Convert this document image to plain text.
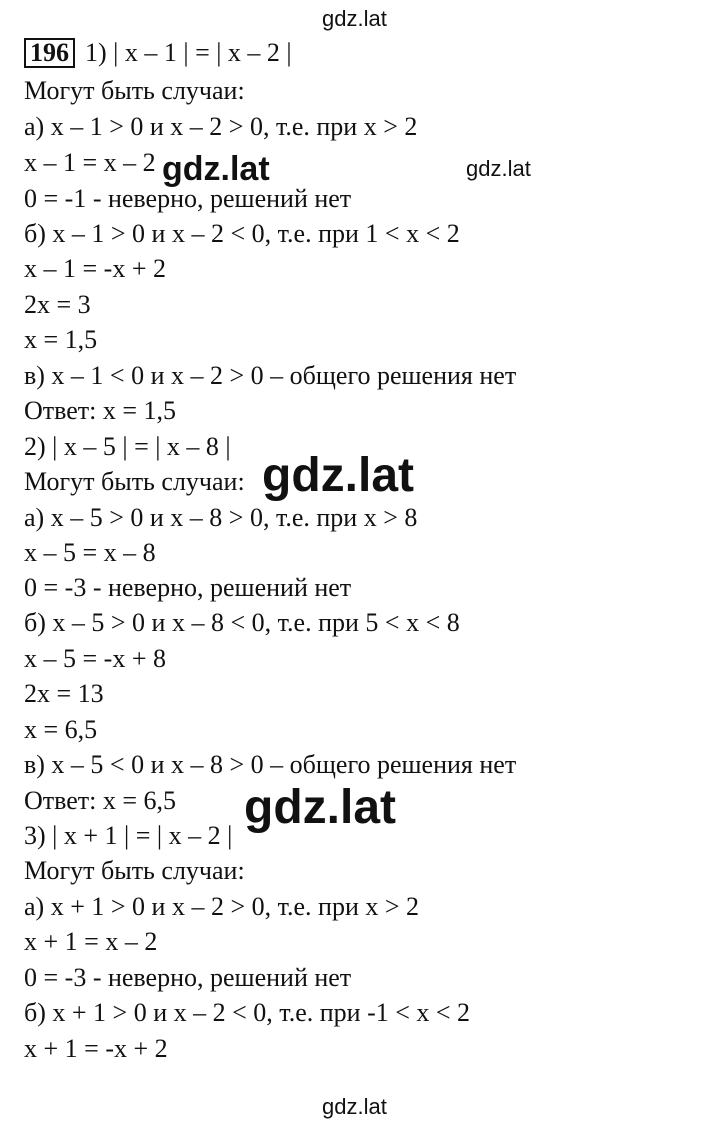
gdz.lat
196 1) | x – 1 | = | x – 2 |
Могут быть случаи:
а) x – 1 > 0 и x – 2 > 0, т.е. при x > 2
x – 1 = x – 2
0 = -1 - неверно, решений нет
б) x – 1 > 0 и x – 2 < 0, т.е. при 1 < x < 2
x – 1 = -x + 2
2x = 3
x = 1,5
в) x – 1 < 0 и x – 2 > 0 – общего решения нет
Ответ: x = 1,5
2) | x – 5 | = | x – 8 |
Могут быть случаи:
а) x – 5 > 0 и x – 8 > 0, т.е. при x > 8
x – 5 = x – 8
0 = -3 - неверно, решений нет
б) x – 5 > 0 и x – 8 < 0, т.е. при 5 < x < 8
x – 5 = -x + 8
2x = 13
x = 6,5
в) x – 5 < 0 и x – 8 > 0 – общего решения нет
Ответ: x = 6,5
3) | x + 1 | = | x – 2 |
Могут быть случаи:
а) x + 1 > 0 и x – 2 > 0, т.е. при x > 2
x + 1 = x – 2
0 = -3 - неверно, решений нет
б) x + 1 > 0 и x – 2 < 0, т.е. при -1 < x < 2
x + 1 = -x + 2
gdz.lat	gdz.lat
gdz.lat
gdz.lat
gdz.lat
